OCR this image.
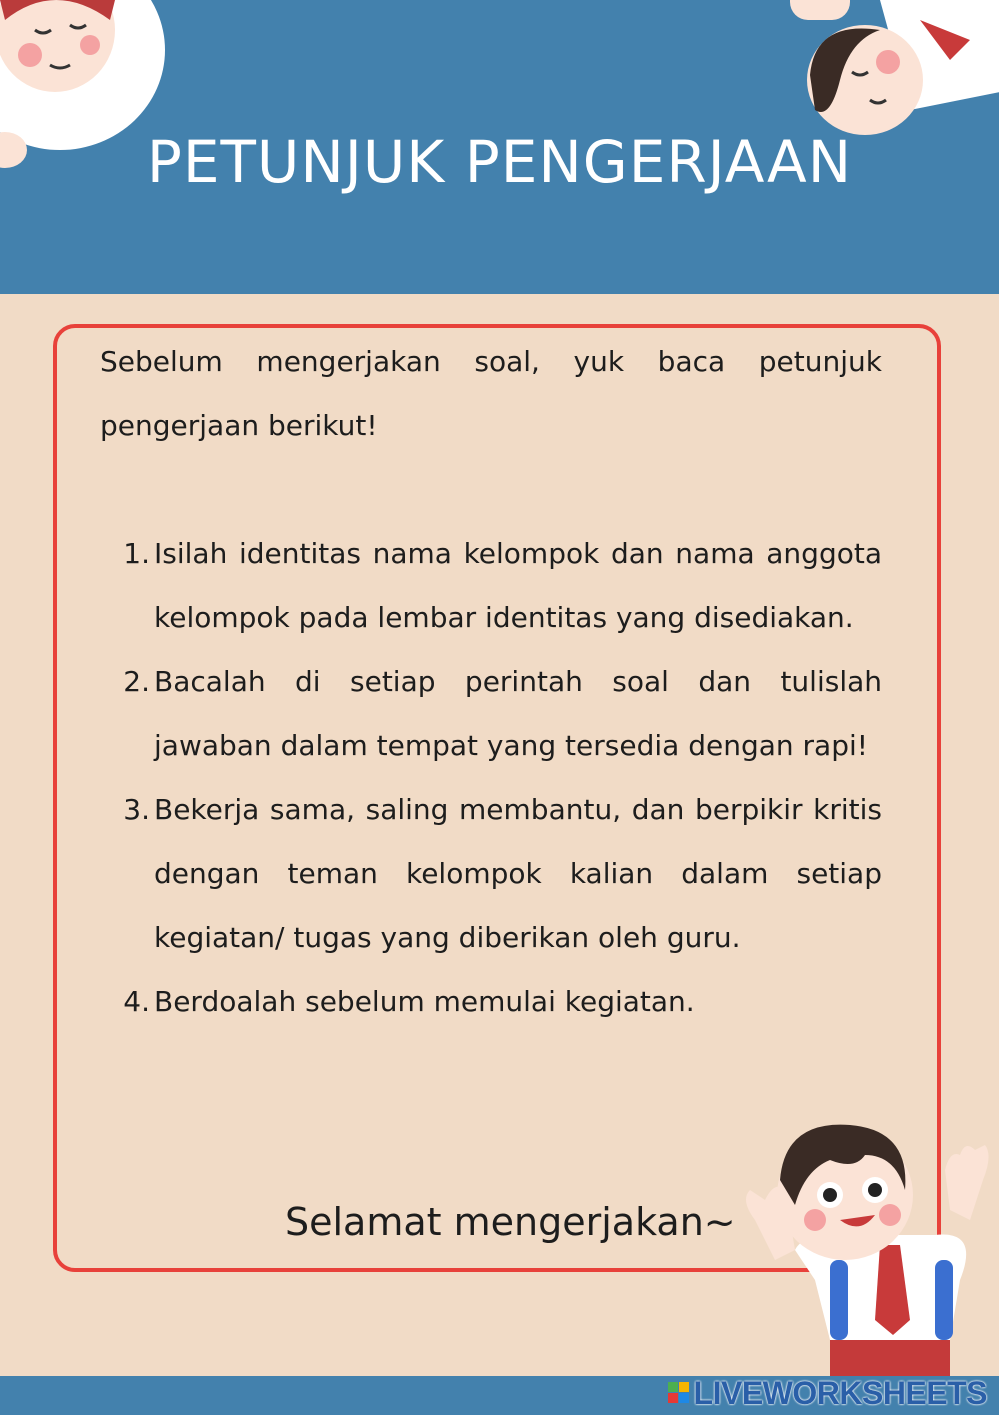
PETUNJUK PENGERJAAN

Sebelum mengerjakan soal, yuk baca petunjuk pengerjaan berikut!

1. Isilah identitas nama kelompok dan nama anggota kelompok pada lembar identitas yang disediakan.
2. Bacalah di setiap perintah soal dan tulislah jawaban dalam tempat yang tersedia dengan rapi!
3. Bekerja sama, saling membantu, dan berpikir kritis dengan teman kelompok kalian dalam setiap kegiatan/ tugas yang diberikan oleh guru.
4. Berdoalah sebelum memulai kegiatan.

Selamat mengerjakan~

LIVEWORKSHEETS
